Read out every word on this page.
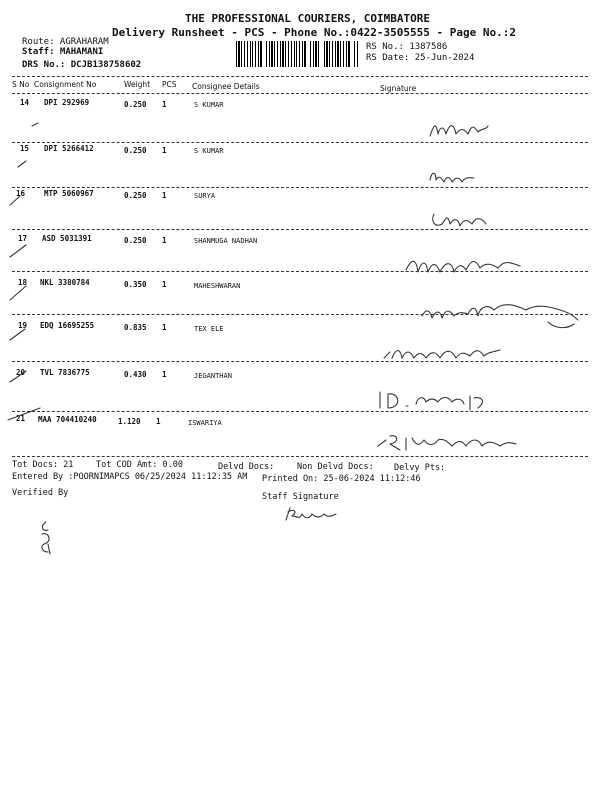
THE PROFESSIONAL COURIERS, COIMBATORE
Delivery Runsheet - PCS - Phone No.:0422-3505555 - Page No.:2
Route: AGRAHARAM
Staff: MAHAMANI
DRS No.: DCJB138758602
RS No.: 1387586
RS Date: 25-Jun-2024
S No Consignment No	Weight PCS Consignee Details	Signature
14 DPI 292969	0.250 1	S KUMAR
15 DPI 5266412	0.250 1	S KUMAR
16	MTP 5060967	0.250 1	SURYA
17 ASD 5031391	0.250 1	SHANMUGA NADHAN
18 NKL 3380784	0.350 1	MAHESHWARAN
19 EDQ 16695255	0.835 1	TEX ELE
20 TVL 7836775	0.430 1	JEGANTHAN
21 MAA 704410240	1.120 1	ISWARIYA
Tot Docs: 21	Tot COD Amt: 0.00	Delvd Docs:	Non Delvd Docs: Delvy Pts:
Entered By :POORNIMAPCS 06/25/2024 11:12:35 AM Printed On: 25-06-2024 11:12:46
Verified By	Staff Signature
